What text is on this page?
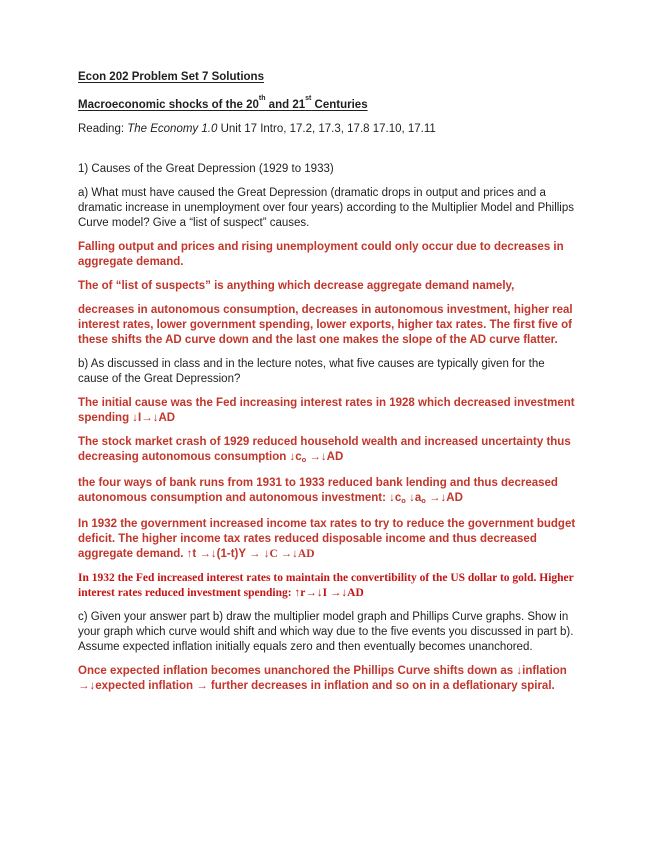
Econ 202 Problem Set 7 Solutions

Macroeconomic shocks of the 20th and 21st Centuries

Reading: The Economy 1.0 Unit 17 Intro, 17.2, 17.3, 17.8 17.10, 17.11

1) Causes of the Great Depression (1929 to 1933)

a) What must have caused the Great Depression (dramatic drops in output and prices and a dramatic increase in unemployment over four years) according to the Multiplier Model and Phillips Curve model? Give a “list of suspect” causes.

Falling output and prices and rising unemployment could only occur due to decreases in aggregate demand.

The of “list of suspects” is anything which decrease aggregate demand namely,

decreases in autonomous consumption, decreases in autonomous investment, higher real interest rates, lower government spending, lower exports, higher tax rates. The first five of these shifts the AD curve down and the last one makes the slope of the AD curve flatter.

b) As discussed in class and in the lecture notes, what five causes are typically given for the cause of the Great Depression?

The initial cause was the Fed increasing interest rates in 1928 which decreased investment spending ↓I→↓AD

The stock market crash of 1929 reduced household wealth and increased uncertainty thus decreasing autonomous consumption $↓c_o$ →↓AD

the four ways of bank runs from 1931 to 1933 reduced bank lending and thus decreased autonomous consumption and autonomous investment: $↓c_o$ $↓a_o$ →↓AD

In 1932 the government increased income tax rates to try to reduce the government budget deficit. The higher income tax rates reduced disposable income and thus decreased aggregate demand. ↑t →↓(1-t)Y → ↓C →↓AD

In 1932 the Fed increased interest rates to maintain the convertibility of the US dollar to gold. Higher interest rates reduced investment spending: ↑r→↓I →↓AD

c) Given your answer part b) draw the multiplier model graph and Phillips Curve graphs. Show in your graph which curve would shift and which way due to the five events you discussed in part b). Assume expected inflation initially equals zero and then eventually becomes unanchored.

Once expected inflation becomes unanchored the Phillips Curve shifts down as ↓inflation →↓expected inflation → further decreases in inflation and so on in a deflationary spiral.
